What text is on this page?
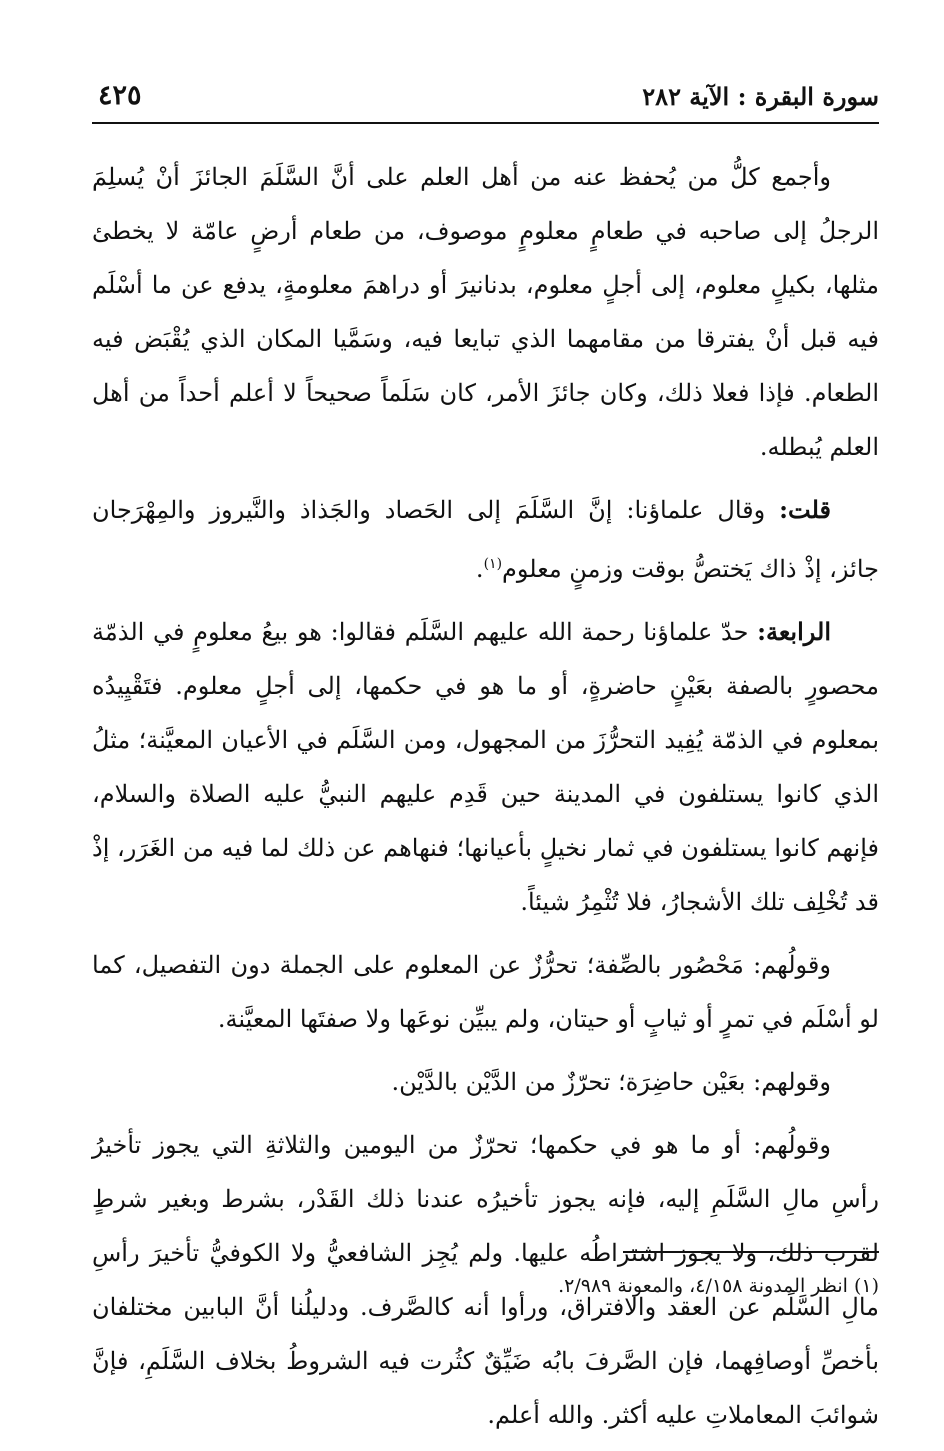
سورة البقرة : الآية ٢٨٢
٤٢٥

وأجمع كلُّ من يُحفظ عنه من أهل العلم على أنَّ السَّلَمَ الجائزَ أنْ يُسلِمَ الرجلُ إلى صاحبه في طعامٍ معلومٍ موصوف، من طعام أرضٍ عامّة لا يخطئ مثلها، بكيلٍ معلوم، إلى أجلٍ معلوم، بدنانيرَ أو دراهمَ معلومةٍ، يدفع عن ما أسْلَم فيه قبل أنْ يفترقا من مقامهما الذي تبايعا فيه، وسَمَّيا المكان الذي يُقْبَض فيه الطعام. فإذا فعلا ذلك، وكان جائزَ الأمر، كان سَلَماً صحيحاً لا أعلم أحداً من أهل العلم يُبطله.

قلت: وقال علماؤنا: إنَّ السَّلَمَ إلى الحَصاد والجَذاذ والنَّيروز والمِهْرَجان جائز، إذْ ذاك يَختصُّ بوقت وزمنٍ معلوم$^{(١)}$.

الرابعة: حدّ علماؤنا رحمة الله عليهم السَّلَم فقالوا: هو بيعُ معلومٍ في الذمّة محصورٍ بالصفة بعَيْنٍ حاضرةٍ، أو ما هو في حكمها، إلى أجلٍ معلوم. فتَقْيِيدُه بمعلوم في الذمّة يُفِيد التحرُّزَ من المجهول، ومن السَّلَم في الأعيان المعيَّنة؛ مثلُ الذي كانوا يستلفون في المدينة حين قَدِم عليهم النبيُّ عليه الصلاة والسلام، فإنهم كانوا يستلفون في ثمار نخيلٍ بأعيانها؛ فنهاهم عن ذلك لما فيه من الغَرَر، إذْ قد تُخْلِف تلك الأشجارُ، فلا تُثْمِرُ شيئاً.

وقولُهم: مَحْصُور بالصِّفة؛ تحرُّزٌ عن المعلوم على الجملة دون التفصيل، كما لو أسْلَم في تمرٍ أو ثيابٍ أو حيتان، ولم يبيِّن نوعَها ولا صفتَها المعيَّنة.

وقولهم: بعَيْن حاضِرَة؛ تحرّزٌ من الدَّيْن بالدَّيْن.

وقولُهم: أو ما هو في حكمها؛ تحرّزٌ من اليومين والثلاثةِ التي يجوز تأخيرُ رأسِ مالِ السَّلَمِ إليه، فإنه يجوز تأخيرُه عندنا ذلك القَدْر، بشرط وبغير شرطٍ لقرب ذلك، ولا يجوز اشتراطُه عليها. ولم يُجِز الشافعيُّ ولا الكوفيُّ تأخيرَ رأسِ مالِ السَّلَم عن العقد والافتراق، ورأوا أنه كالصَّرف. ودليلُنا أنَّ البابين مختلفان بأخصِّ أوصافِهما، فإن الصَّرفَ بابُه ضَيِّقٌ كثُرت فيه الشروطُ بخلاف السَّلَمِ، فإنَّ شوائبَ المعاملاتِ عليه أكثر. والله أعلم.

(١) انظر المدونة ٤/١٥٨، والمعونة ٢/٩٨٩.
